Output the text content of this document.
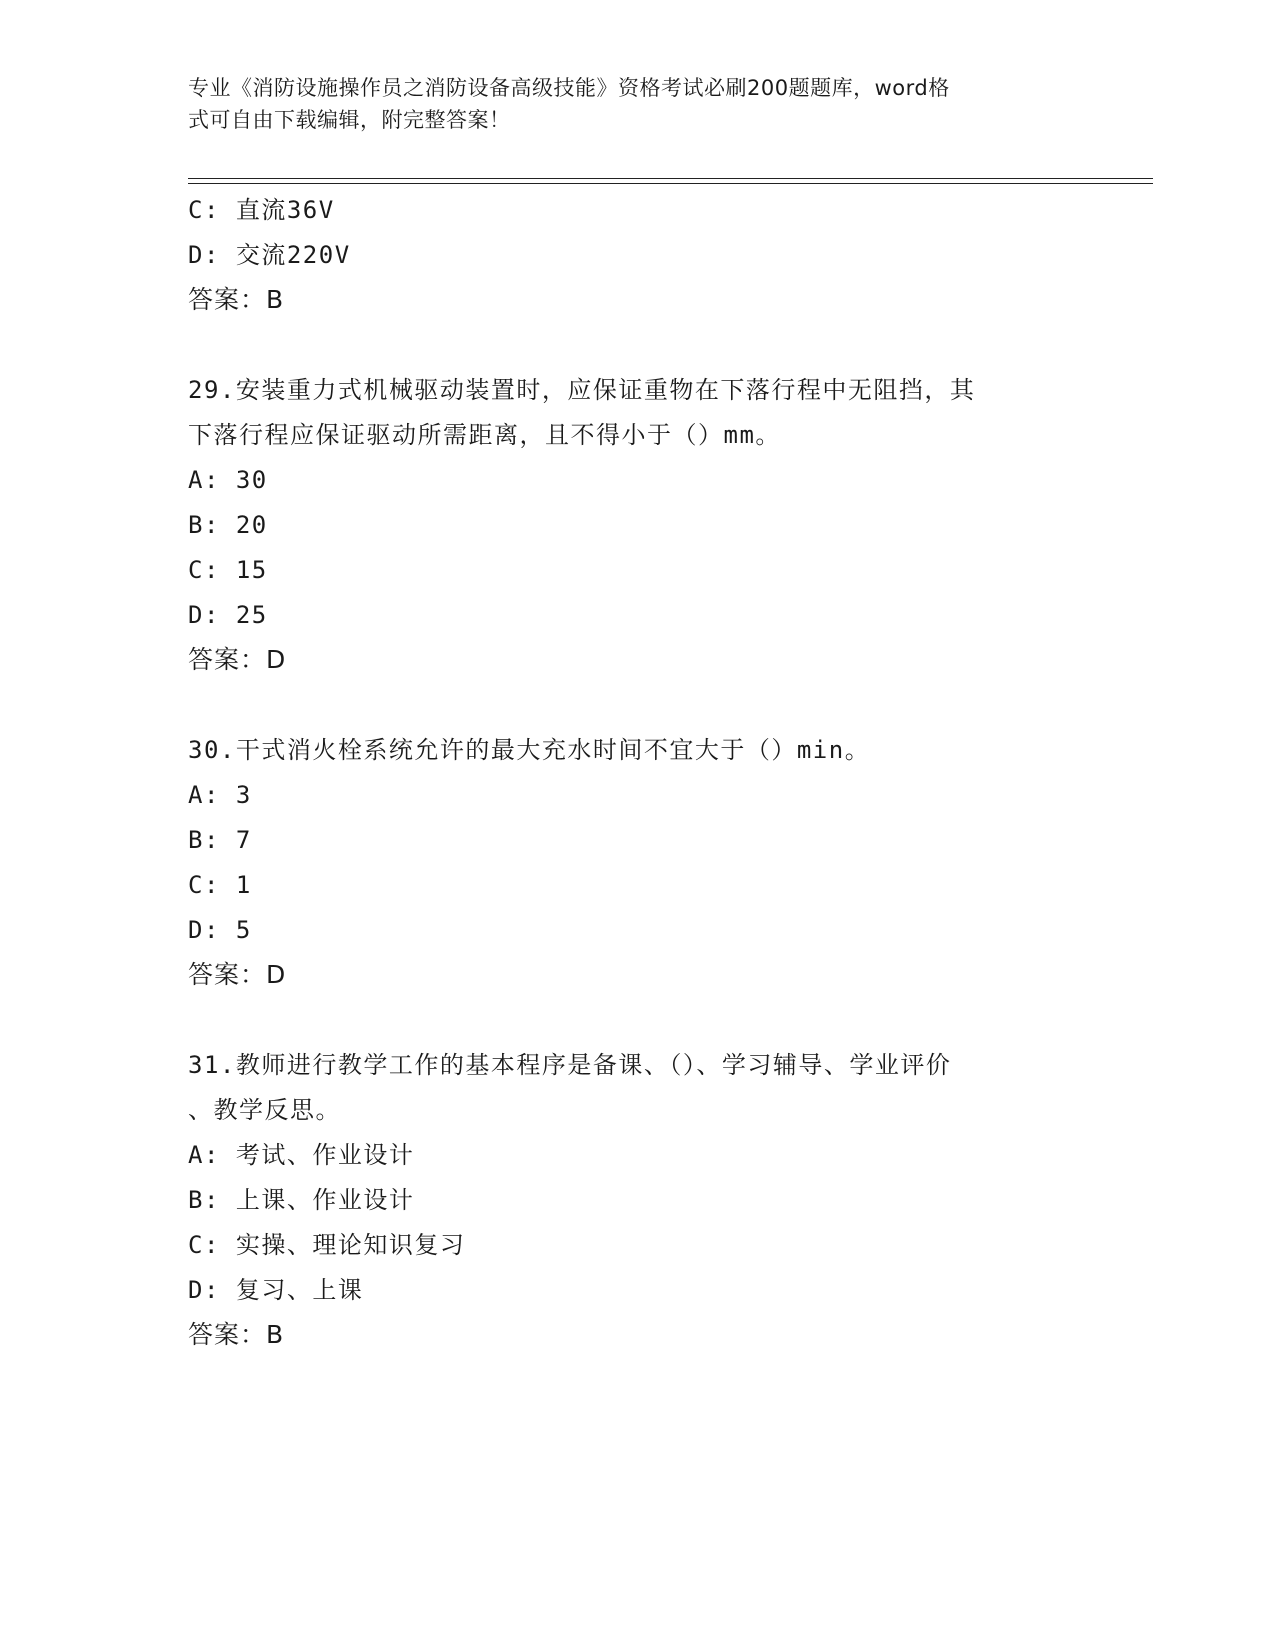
专业《消防设施操作员之消防设备高级技能》资格考试必刷200题题库，word格
式可自由下载编辑，附完整答案！
C: 直流36V
D: 交流220V
答案：B
29.安装重力式机械驱动装置时，应保证重物在下落行程中无阻挡，其
下落行程应保证驱动所需距离，且不得小于（）mm。
A: 30
B: 20
C: 15
D: 25
答案：D
30.干式消火栓系统允许的最大充水时间不宜大于（）min。
A: 3
B: 7
C: 1
D: 5
答案：D
31.教师进行教学工作的基本程序是备课、（）、学习辅导、学业评价
、教学反思。
A: 考试、作业设计
B: 上课、作业设计
C: 实操、理论知识复习
D: 复习、上课
答案：B
